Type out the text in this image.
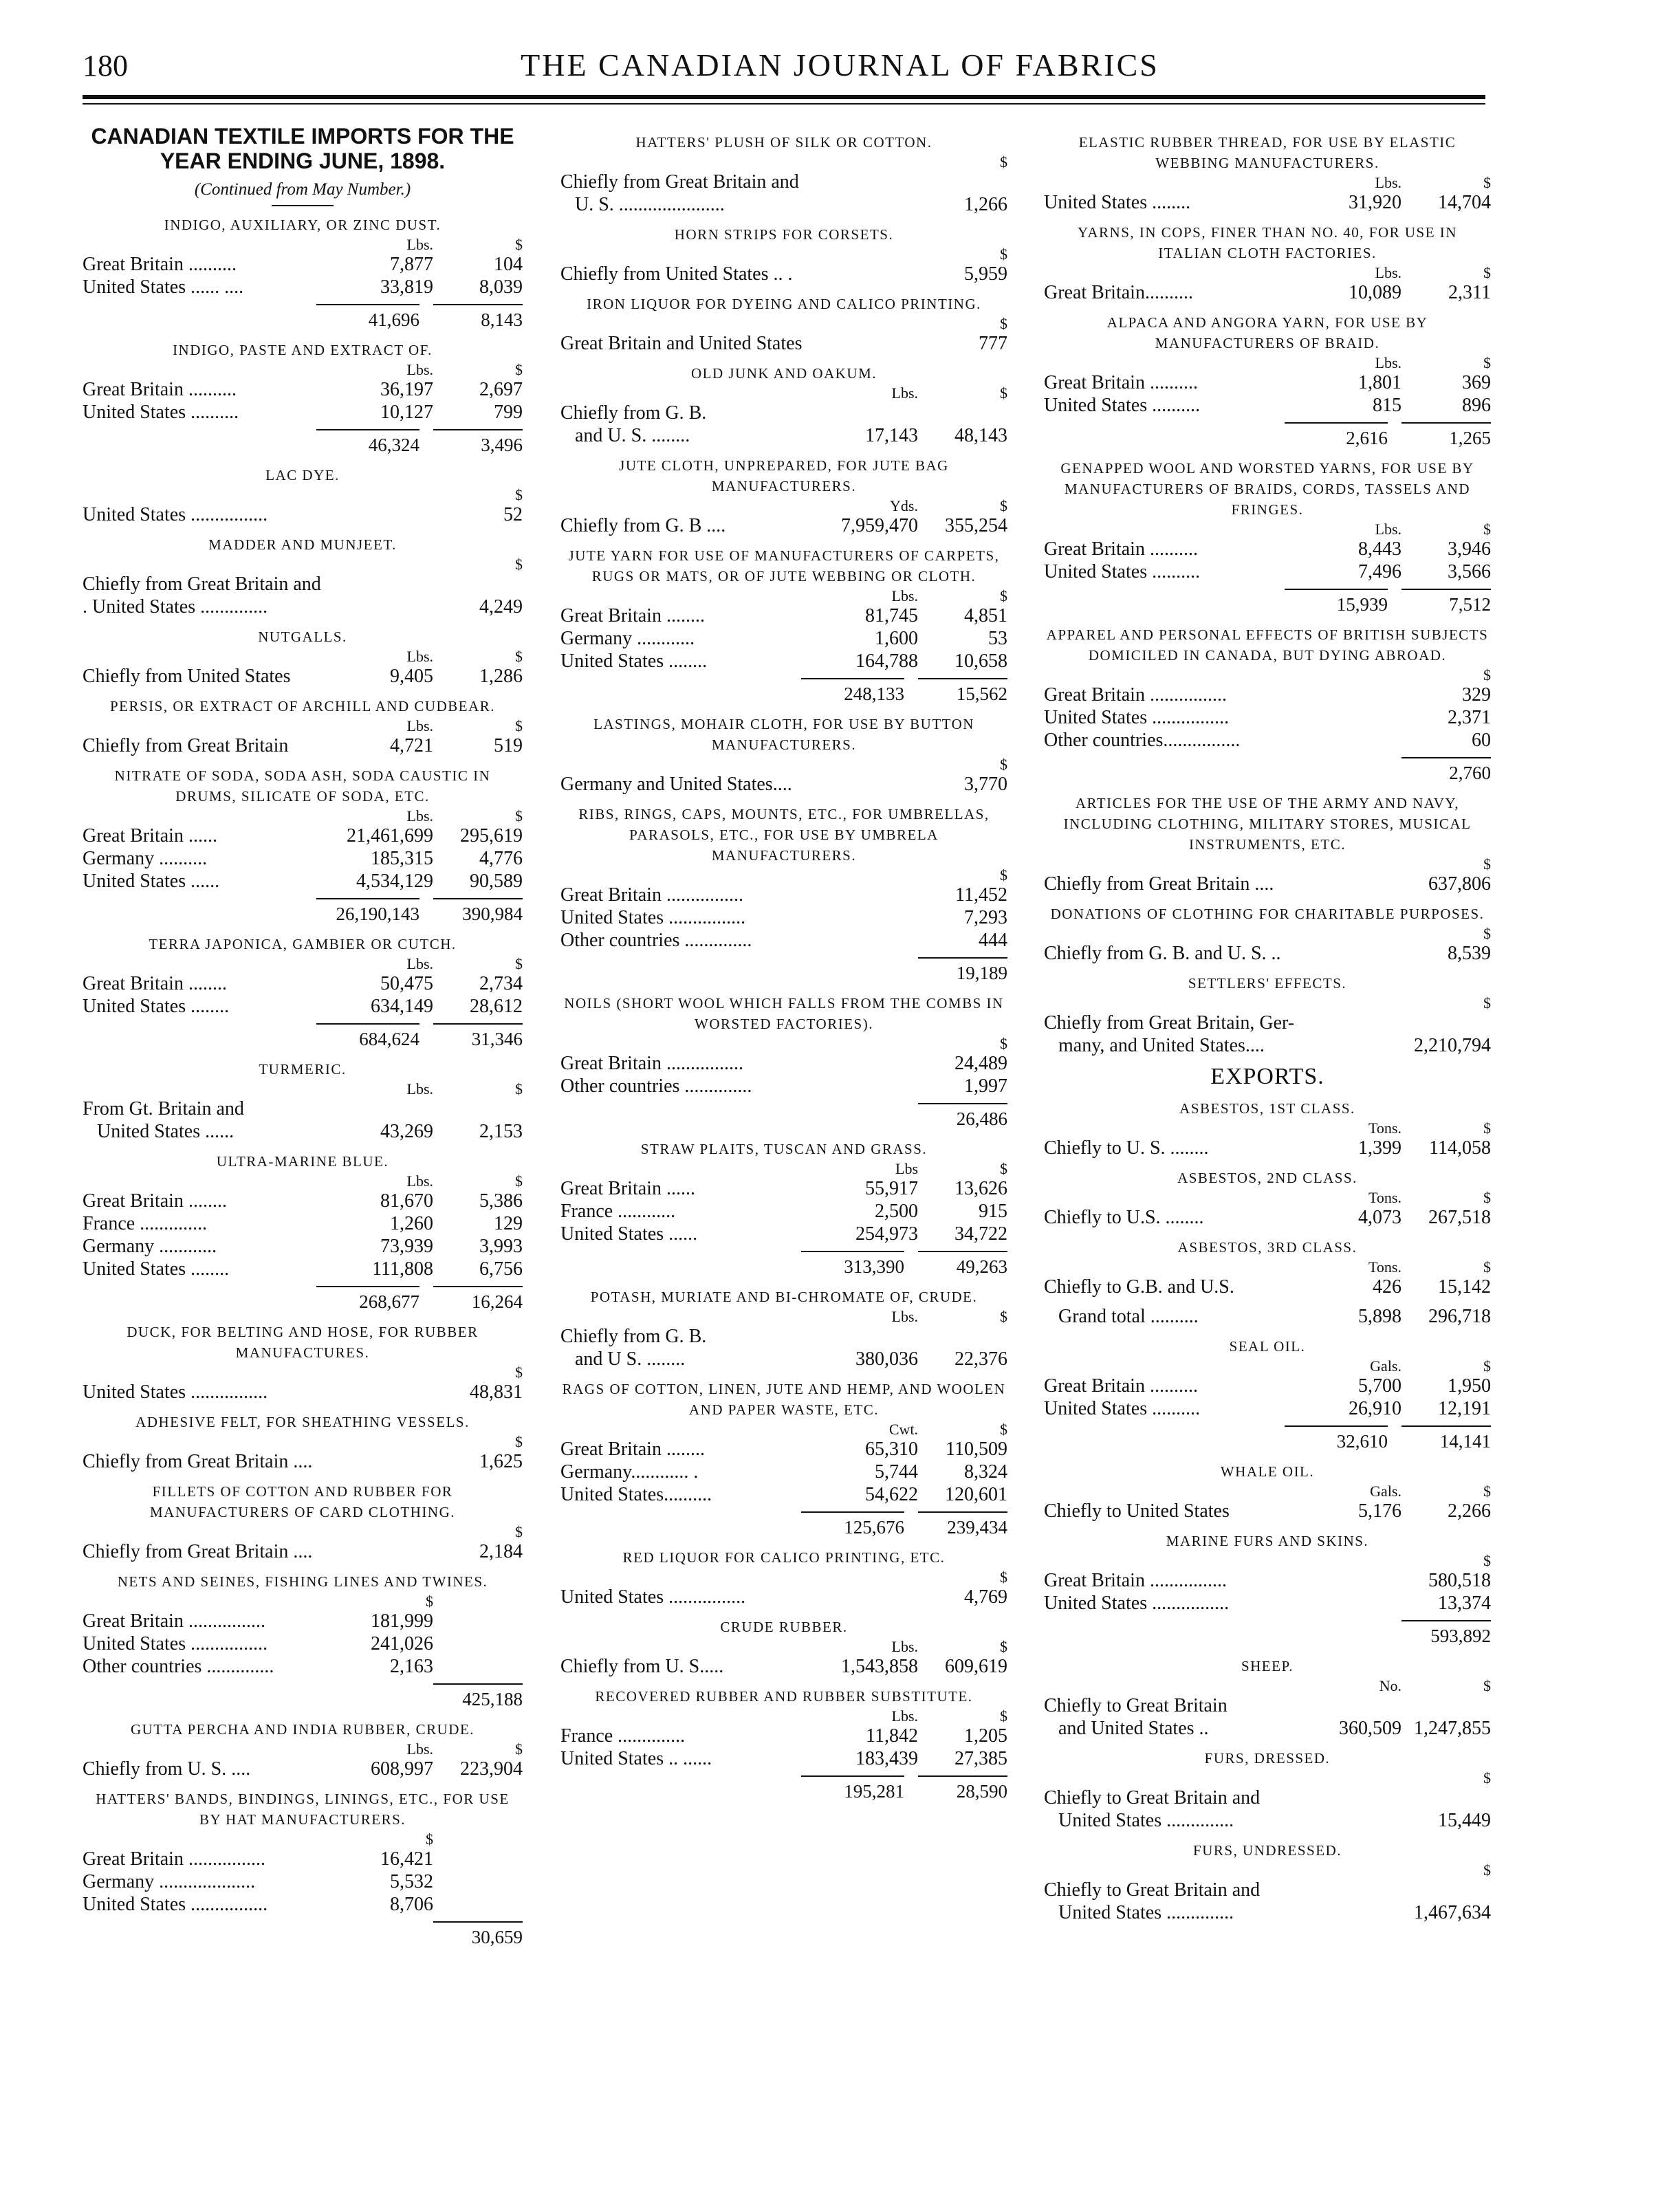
180	THE CANADIAN JOURNAL OF FABRICS
CANADIAN TEXTILE IMPORTS FOR THE YEAR ENDING JUNE, 1898.
(Continued from May Number.)
INDIGO, AUXILIARY, OR ZINC DUST.
Lbs.	$
Great Britain ..........	7,877	104
United States ...... ....	33,819	8,039
41,696	8,143
INDIGO, PASTE AND EXTRACT OF.
Lbs.	$
Great Britain ..........	36,197	2,697
United States ..........	10,127	799
46,324	3,496
LAC DYE.
$
United States ................	52
MADDER AND MUNJEET.
$
Chiefly from Great Britain and
. United States ..............	4,249
NUTGALLS.
Lbs.	$
Chiefly from United States	9,405	1,286
PERSIS, OR EXTRACT OF ARCHILL AND CUDBEAR.
Lbs.	$
Chiefly from Great Britain	4,721	519
NITRATE OF SODA, SODA ASH, SODA CAUSTIC IN DRUMS, SILICATE OF SODA, ETC.
Lbs.	$
Great Britain ......	21,461,699	295,619
Germany ..........	185,315	4,776
United States ......	4,534,129	90,589
26,190,143	390,984
TERRA JAPONICA, GAMBIER OR CUTCH.
Lbs.	$
Great Britain ........	50,475	2,734
United States ........	634,149	28,612
684,624	31,346
TURMERIC.
Lbs.	$
From Gt. Britain and
United States ......	43,269	2,153
ULTRA-MARINE BLUE.
Lbs.	$
Great Britain ........	81,670	5,386
France ..............	1,260	129
Germany ............	73,939	3,993
United States ........	111,808	6,756
268,677	16,264
DUCK, FOR BELTING AND HOSE, FOR RUBBER MANUFACTURES.
$
United States ................	48,831
ADHESIVE FELT, FOR SHEATHING VESSELS.
$
Chiefly from Great Britain ....	1,625
FILLETS OF COTTON AND RUBBER FOR MANUFACTURERS OF CARD CLOTHING.
$
Chiefly from Great Britain ....	2,184
NETS AND SEINES, FISHING LINES AND TWINES.
$
Great Britain ................	181,999
United States ................	241,026
Other countries ..............	2,163
425,188
GUTTA PERCHA AND INDIA RUBBER, CRUDE.
Lbs.	$
Chiefly from U. S. ....	608,997	223,904
HATTERS' BANDS, BINDINGS, LININGS, ETC., FOR USE BY HAT MANUFACTURERS.
$
Great Britain ................	16,421
Germany ....................	5,532
United States ................	8,706
30,659
HATTERS' PLUSH OF SILK OR COTTON.
$
Chiefly from Great Britain and
U. S. ......................	1,266
HORN STRIPS FOR CORSETS.
$
Chiefly from United States .. .	5,959
IRON LIQUOR FOR DYEING AND CALICO PRINTING.
$
Great Britain and United States	777
OLD JUNK AND OAKUM.
Lbs.	$
Chiefly from G. B.
and U. S. ........	17,143	48,143
JUTE CLOTH, UNPREPARED, FOR JUTE BAG MANUFACTURERS.
Yds.	$
Chiefly from G. B ....	7,959,470	355,254
JUTE YARN FOR USE OF MANUFACTURERS OF CARPETS, RUGS OR MATS, OR OF JUTE WEBBING OR CLOTH.
Lbs.	$
Great Britain ........	81,745	4,851
Germany ............	1,600	53
United States ........	164,788	10,658
248,133	15,562
LASTINGS, MOHAIR CLOTH, FOR USE BY BUTTON MANUFACTURERS.
$
Germany and United States....	3,770
RIBS, RINGS, CAPS, MOUNTS, ETC., FOR UMBRELLAS, PARASOLS, ETC., FOR USE BY UMBRELA MANUFACTURERS.
$
Great Britain ................	11,452
United States ................	7,293
Other countries ..............	444
19,189
NOILS (SHORT WOOL WHICH FALLS FROM THE COMBS IN WORSTED FACTORIES).
$
Great Britain ................	24,489
Other countries ..............	1,997
26,486
STRAW PLAITS, TUSCAN AND GRASS.
Lbs	$
Great Britain ......	55,917	13,626
France ............	2,500	915
United States ......	254,973	34,722
313,390	49,263
POTASH, MURIATE AND BI-CHROMATE OF, CRUDE.
Lbs.	$
Chiefly from G. B.
and U S. ........	380,036	22,376
RAGS OF COTTON, LINEN, JUTE AND HEMP, AND WOOLEN AND PAPER WASTE, ETC.
Cwt.	$
Great Britain ........	65,310	110,509
Germany............ .	5,744	8,324
United States..........	54,622	120,601
125,676	239,434
RED LIQUOR FOR CALICO PRINTING, ETC.
$
United States ................	4,769
CRUDE RUBBER.
Lbs.	$
Chiefly from U. S.....	1,543,858	609,619
RECOVERED RUBBER AND RUBBER SUBSTITUTE.
Lbs.	$
France ..............	11,842	1,205
United States .. ......	183,439	27,385
195,281	28,590
ELASTIC RUBBER THREAD, FOR USE BY ELASTIC WEBBING MANUFACTURERS.
Lbs.	$
United States ........	31,920	14,704
YARNS, IN COPS, FINER THAN NO. 40, FOR USE IN ITALIAN CLOTH FACTORIES.
Lbs.	$
Great Britain..........	10,089	2,311
ALPACA AND ANGORA YARN, FOR USE BY MANUFACTURERS OF BRAID.
Lbs.	$
Great Britain ..........	1,801	369
United States ..........	815	896
2,616	1,265
GENAPPED WOOL AND WORSTED YARNS, FOR USE BY MANUFACTURERS OF BRAIDS, CORDS, TASSELS AND FRINGES.
Lbs.	$
Great Britain ..........	8,443	3,946
United States ..........	7,496	3,566
15,939	7,512
APPAREL AND PERSONAL EFFECTS OF BRITISH SUBJECTS DOMICILED IN CANADA, BUT DYING ABROAD.
$
Great Britain ................	329
United States ................	2,371
Other countries................	60
2,760
ARTICLES FOR THE USE OF THE ARMY AND NAVY, INCLUDING CLOTHING, MILITARY STORES, MUSICAL INSTRUMENTS, ETC.
$
Chiefly from Great Britain ....	637,806
DONATIONS OF CLOTHING FOR CHARITABLE PURPOSES.
$
Chiefly from G. B. and U. S. ..	8,539
SETTLERS' EFFECTS.
$
Chiefly from Great Britain, Ger-
many, and United States....	2,210,794
EXPORTS.
ASBESTOS, 1ST CLASS.
Tons.	$
Chiefly to U. S. ........	1,399	114,058
ASBESTOS, 2ND CLASS.
Tons.	$
Chiefly to U.S. ........	4,073	267,518
ASBESTOS, 3RD CLASS.
Tons.	$
Chiefly to G.B. and U.S.	426	15,142
Grand total ..........	5,898	296,718
SEAL OIL.
Gals.	$
Great Britain ..........	5,700	1,950
United States ..........	26,910	12,191
32,610	14,141
WHALE OIL.
Gals.	$
Chiefly to United States	5,176	2,266
MARINE FURS AND SKINS.
$
Great Britain ................	580,518
United States ................	13,374
593,892
SHEEP.
No.	$
Chiefly to Great Britain
and United States ..	360,509 1,247,855
FURS, DRESSED.
$
Chiefly to Great Britain and
United States ..............	15,449
FURS, UNDRESSED.
$
Chiefly to Great Britain and
United States ..............	1,467,634
